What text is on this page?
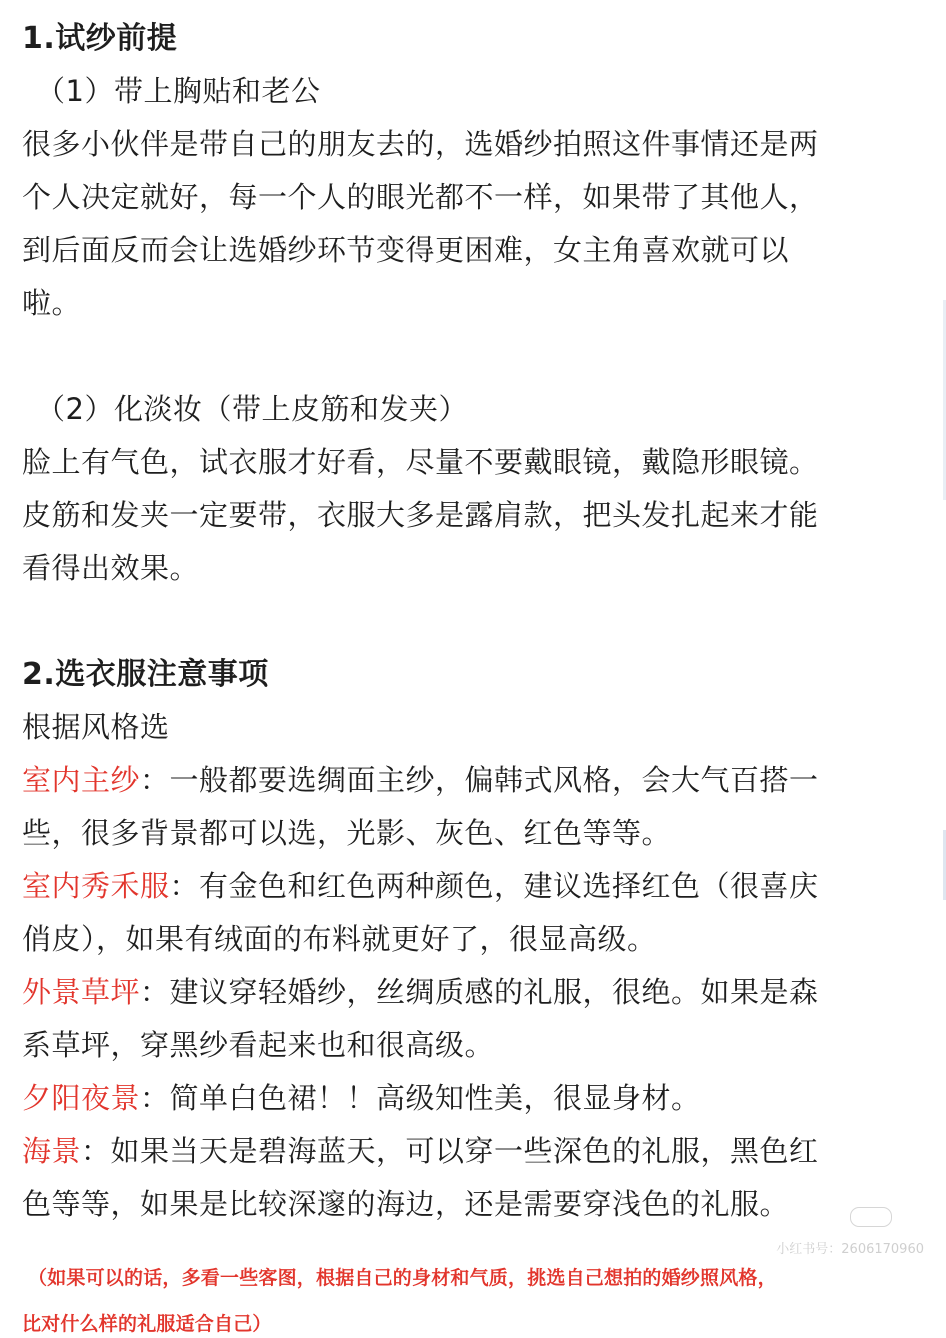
1.试纱前提
（1）带上胸贴和老公
很多小伙伴是带自己的朋友去的，选婚纱拍照这件事情还是两
个人决定就好，每一个人的眼光都不一样，如果带了其他人，
到后面反而会让选婚纱环节变得更困难，女主角喜欢就可以
啦。
（2）化淡妆（带上皮筋和发夹）
脸上有气色，试衣服才好看，尽量不要戴眼镜，戴隐形眼镜。
皮筋和发夹一定要带，衣服大多是露肩款，把头发扎起来才能
看得出效果。
2.选衣服注意事项
根据风格选
室内主纱：一般都要选绸面主纱，偏韩式风格，会大气百搭一
些，很多背景都可以选，光影、灰色、红色等等。
室内秀禾服：有金色和红色两种颜色，建议选择红色（很喜庆
俏皮），如果有绒面的布料就更好了，很显高级。
外景草坪：建议穿轻婚纱，丝绸质感的礼服，很绝。如果是森
系草坪，穿黑纱看起来也和很高级。
夕阳夜景：简单白色裙！！高级知性美，很显身材。
海景：如果当天是碧海蓝天，可以穿一些深色的礼服，黑色红
色等等，如果是比较深邃的海边，还是需要穿浅色的礼服。
（如果可以的话，多看一些客图，根据自己的身材和气质，挑选自己想拍的婚纱照风格，
比对什么样的礼服适合自己）
小红书号：2606170960
